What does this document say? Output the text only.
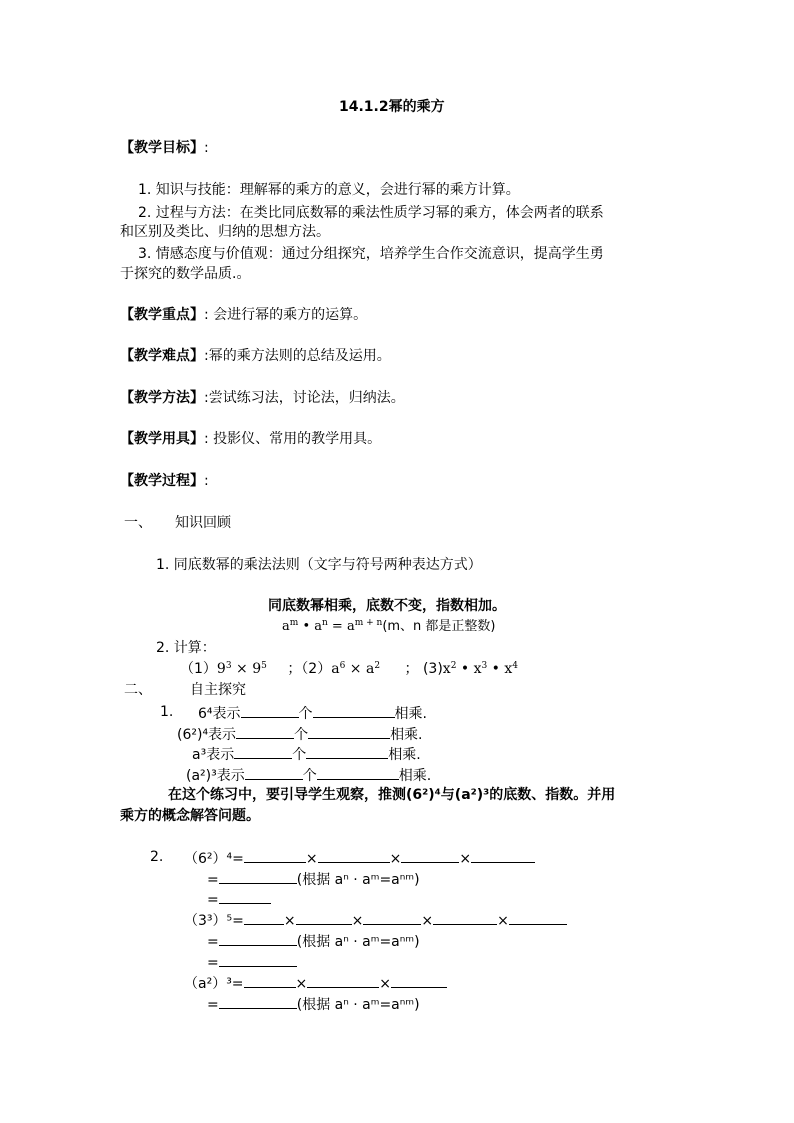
14.1.2幂的乘方
【教学目标】:
1. 知识与技能：理解幂的乘方的意义，会进行幂的乘方计算。
2. 过程与方法：在类比同底数幂的乘法性质学习幂的乘方，体会两者的联系
和区别及类比、归纳的思想方法。
3. 情感态度与价值观：通过分组探究，培养学生合作交流意识，提高学生勇
于探究的数学品质.。
【教学重点】: 会进行幂的乘方的运算。
【教学难点】:幂的乘方法则的总结及运用。
【教学方法】:尝试练习法，讨论法，归纳法。
【教学用具】: 投影仪、常用的教学用具。
【教学过程】:
一、 知识回顾
1. 同底数幂的乘法法则（文字与符号两种表达方式）
同底数幂相乘，底数不变，指数相加。
$a^m$ • $a^n = a^{m + n}(m$、n 都是正整数)
2. 计算：
$(1)9^3 \times 9^5$ ；$(2)a^6 \times a^2$ ； $(3)x^2$ • $x^3$ • $x^4$
二、	自主探究
1. 6⁴表示	个	相乘.
(6²)⁴表示	个	相乘.
a³表示	个	相乘.
(a²)³表示	个	相乘.
在这个练习中，要引导学生观察，推测(6²)⁴与(a²)³的底数、指数。并用
乘方的概念解答问题。
2. （6²）⁴=	×	×	×
=	(根据 aⁿ · aᵐ=aⁿᵐ)
=
（3³）⁵=	×	×	×	×
=	(根据 aⁿ · aᵐ=aⁿᵐ)
=
（a²）³=	×	×
=	(根据 aⁿ · aᵐ=aⁿᵐ)
